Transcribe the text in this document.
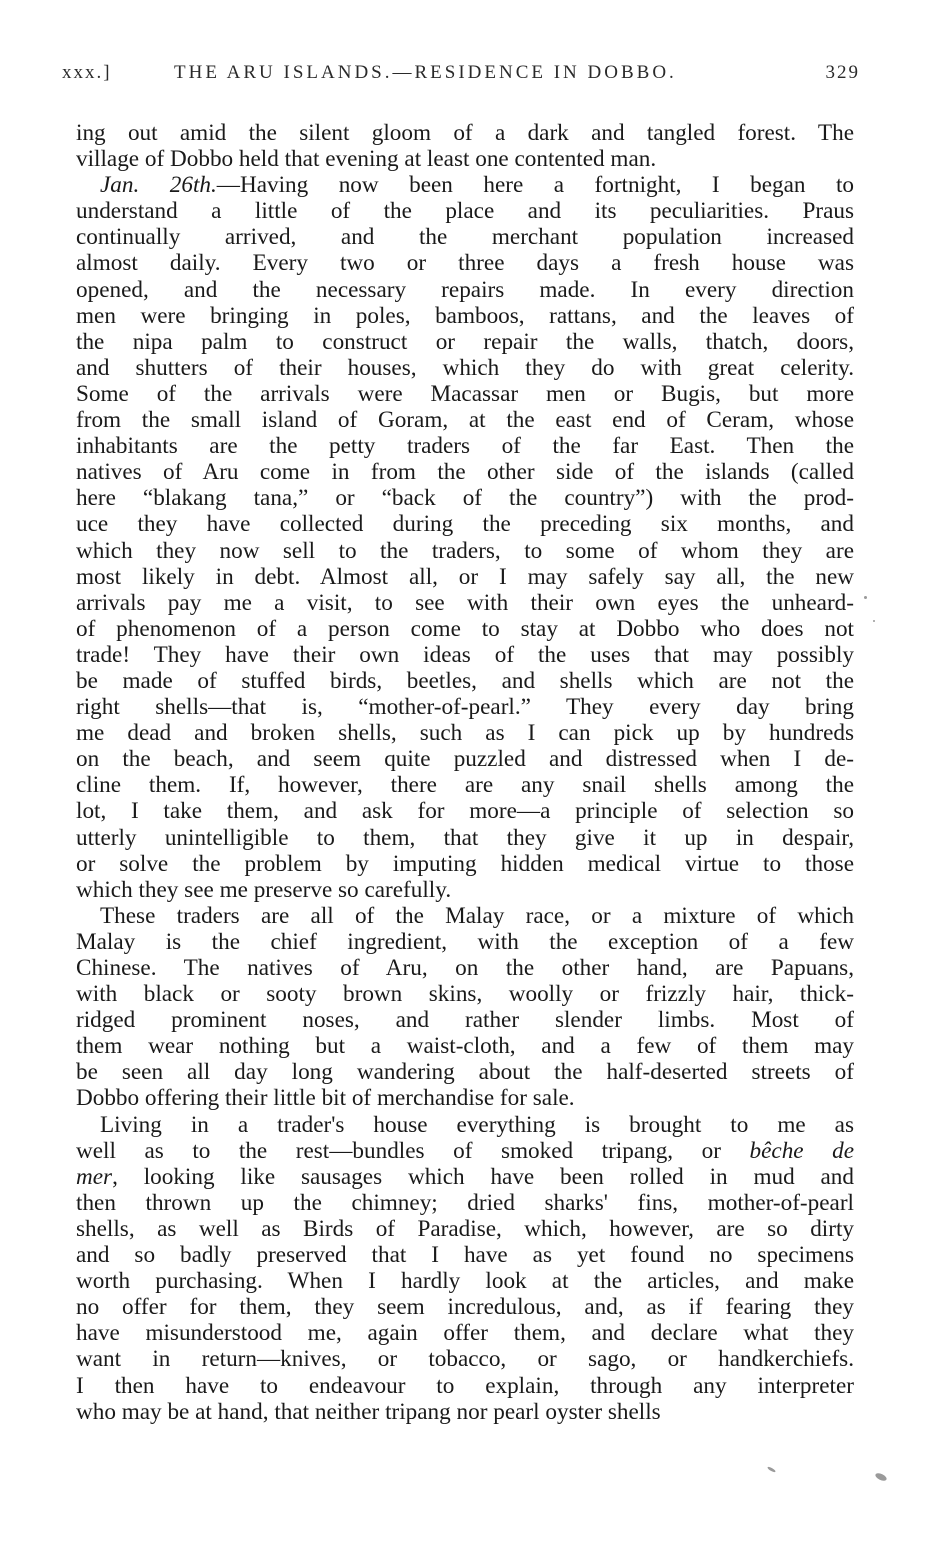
xxx.]	THE ARU ISLANDS.—RESIDENCE IN DOBBO.	329
ing out amid the silent gloom of a dark and tangled forest. The
village of Dobbo held that evening at least one contented man.
Jan. 26th.—Having now been here a fortnight, I began to
understand a little of the place and its peculiarities. Praus
continually arrived, and the merchant population increased
almost daily. Every two or three days a fresh house was
opened, and the necessary repairs made. In every direction
men were bringing in poles, bamboos, rattans, and the leaves of
the nipa palm to construct or repair the walls, thatch, doors,
and shutters of their houses, which they do with great celerity.
Some of the arrivals were Macassar men or Bugis, but more
from the small island of Goram, at the east end of Ceram, whose
inhabitants are the petty traders of the far East. Then the
natives of Aru come in from the other side of the islands (called
here “blakang tana,” or “back of the country”) with the prod-
uce they have collected during the preceding six months, and
which they now sell to the traders, to some of whom they are
most likely in debt. Almost all, or I may safely say all, the new
arrivals pay me a visit, to see with their own eyes the unheard-
of phenomenon of a person come to stay at Dobbo who does not
trade! They have their own ideas of the uses that may possibly
be made of stuffed birds, beetles, and shells which are not the
right shells—that is, “mother-of-pearl.” They every day bring
me dead and broken shells, such as I can pick up by hundreds
on the beach, and seem quite puzzled and distressed when I de-
cline them. If, however, there are any snail shells among the
lot, I take them, and ask for more—a principle of selection so
utterly unintelligible to them, that they give it up in despair,
or solve the problem by imputing hidden medical virtue to those
which they see me preserve so carefully.
These traders are all of the Malay race, or a mixture of which
Malay is the chief ingredient, with the exception of a few
Chinese. The natives of Aru, on the other hand, are Papuans,
with black or sooty brown skins, woolly or frizzly hair, thick-
ridged prominent noses, and rather slender limbs. Most of
them wear nothing but a waist-cloth, and a few of them may
be seen all day long wandering about the half-deserted streets of
Dobbo offering their little bit of merchandise for sale.
Living in a trader's house everything is brought to me as
well as to the rest—bundles of smoked tripang, or bêche de
mer, looking like sausages which have been rolled in mud and
then thrown up the chimney; dried sharks' fins, mother-of-pearl
shells, as well as Birds of Paradise, which, however, are so dirty
and so badly preserved that I have as yet found no specimens
worth purchasing. When I hardly look at the articles, and make
no offer for them, they seem incredulous, and, as if fearing they
have misunderstood me, again offer them, and declare what they
want in return—knives, or tobacco, or sago, or handkerchiefs.
I then have to endeavour to explain, through any interpreter
who may be at hand, that neither tripang nor pearl oyster shells
